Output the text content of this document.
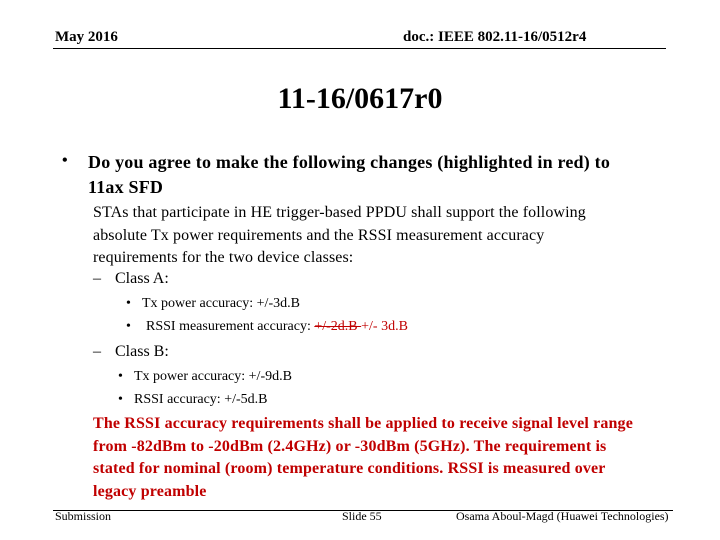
May 2016	doc.: IEEE 802.11-16/0512r4
11-16/0617r0
• Do you agree to make the following changes (highlighted in red) to
11ax SFD
STAs that participate in HE trigger-based PPDU shall support the following
absolute Tx power requirements and the RSSI measurement accuracy
requirements for the two device classes:
– Class A:
• Tx power accuracy: +/-3d.B
• RSSI measurement accuracy: +/-2d.B +/- 3d.B
– Class B:
• Tx power accuracy: +/-9d.B
• RSSI accuracy: +/-5d.B
The RSSI accuracy requirements shall be applied to receive signal level range
from -82dBm to -20dBm (2.4GHz) or -30dBm (5GHz). The requirement is
stated for nominal (room) temperature conditions. RSSI is measured over
legacy preamble
Submission	Slide 55	Osama Aboul-Magd (Huawei Technologies)
